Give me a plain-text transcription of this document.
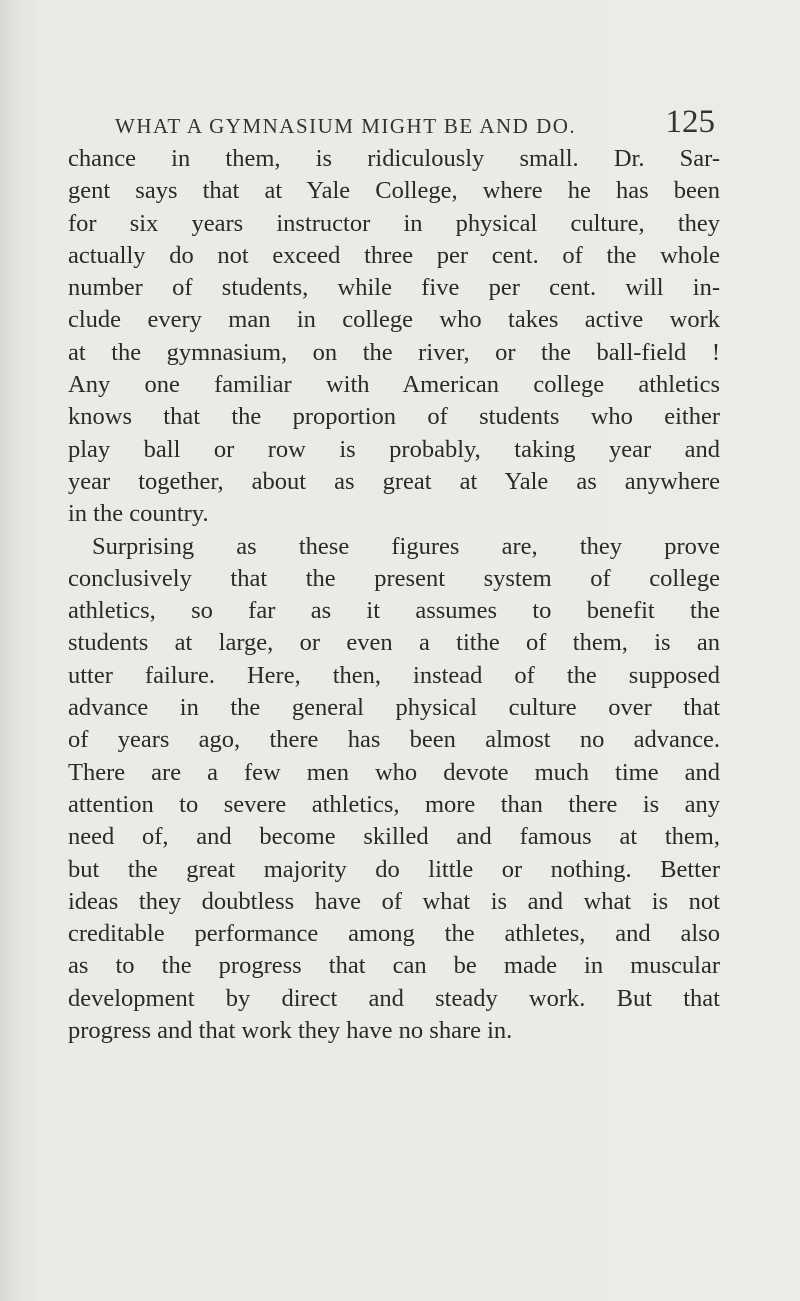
WHAT A GYMNASIUM MIGHT BE AND DO.	125
chance in them, is ridiculously small. Dr. Sar-
gent says that at Yale College, where he has been
for six years instructor in physical culture, they
actually do not exceed three per cent. of the whole
number of students, while five per cent. will in-
clude every man in college who takes active work
at the gymnasium, on the river, or the ball-field !
Any one familiar with American college athletics
knows that the proportion of students who either
play ball or row is probably, taking year and
year together, about as great at Yale as anywhere
in the country.
Surprising as these figures are, they prove
conclusively that the present system of college
athletics, so far as it assumes to benefit the
students at large, or even a tithe of them, is an
utter failure. Here, then, instead of the supposed
advance in the general physical culture over that
of years ago, there has been almost no advance.
There are a few men who devote much time and
attention to severe athletics, more than there is any
need of, and become skilled and famous at them,
but the great majority do little or nothing. Better
ideas they doubtless have of what is and what is not
creditable performance among the athletes, and also
as to the progress that can be made in muscular
development by direct and steady work. But that
progress and that work they have no share in.
